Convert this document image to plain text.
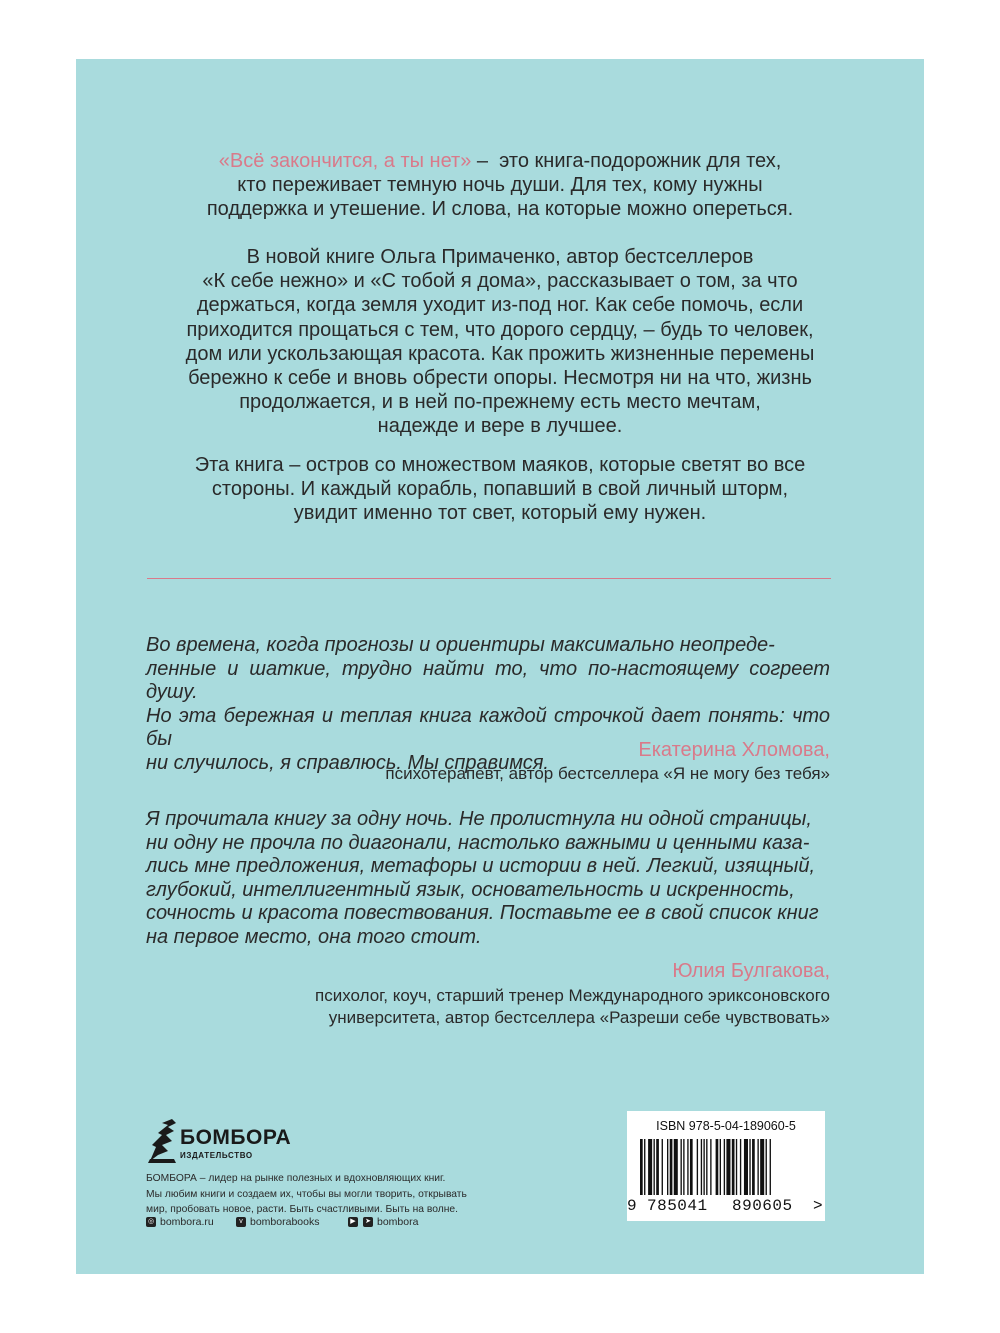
«Всё закончится, а ты нет» –  это книга-подорожник для тех,
кто переживает темную ночь души. Для тех, кому нужны
поддержка и утешение. И слова, на которые можно опереться.
В новой книге Ольга Примаченко, автор бестселлеров
«К себе нежно» и «С тобой я дома», рассказывает о том, за что
держаться, когда земля уходит из-под ног. Как себе помочь, если
приходится прощаться с тем, что дорого сердцу, – будь то человек,
дом или ускользающая красота. Как прожить жизненные перемены
бережно к себе и вновь обрести опоры. Несмотря ни на что, жизнь
продолжается, и в ней по-прежнему есть место мечтам,
надежде и вере в лучшее.
Эта книга – остров со множеством маяков, которые светят во все
стороны. И каждый корабль, попавший в свой личный шторм,
увидит именно тот свет, который ему нужен.
Во времена, когда прогнозы и ориентиры максимально неопреде-
ленные и шаткие, трудно найти то, что по-настоящему согреет душу.
Но эта бережная и теплая книга каждой строчкой дает понять: что бы
ни случилось, я справлюсь. Мы справимся.

Екатерина Хломова,

психотерапевт, автор бестселлера «Я не могу без тебя»

Я прочитала книгу за одну ночь. Не пролистнула ни одной страницы,
ни одну не прочла по диагонали, настолько важными и ценными каза-
лись мне предложения, метафоры и истории в ней. Легкий, изящный,
глубокий, интеллигентный язык, основательность и искренность,
сочность и красота повествования. Поставьте ее в свой список книг
на первое место, она того стоит.

Юлия Булгакова,

психолог, коуч, старший тренер Международного эриксоновского

университета, автор бестселлера «Разреши себе чувствовать»

БОМБОРА

ИЗДАТЕЛЬСТВО

БОМБОРА – лидер на рынке полезных и вдохновляющих книг.
Мы любим книги и создаем их, чтобы вы могли творить, открывать
мир, пробовать новое, расти. Быть счастливыми. Быть на волне.

◎ bombora.ru	v bomborabooks	▶	➤ bombora

ISBN 978-5-04-189060-5

9 785041 890605 >
